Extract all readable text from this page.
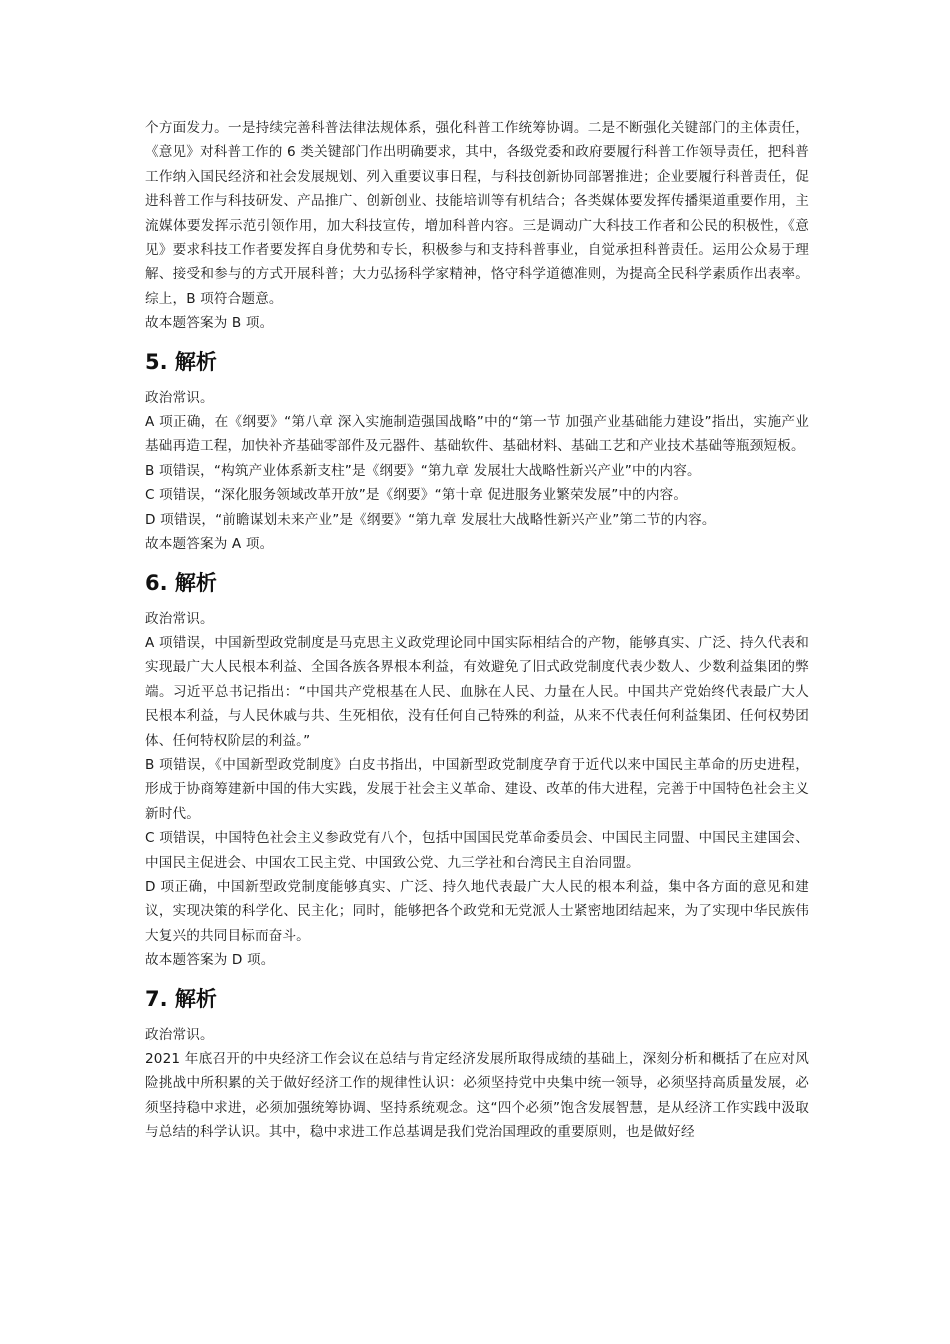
个方面发力。一是持续完善科普法律法规体系，强化科普工作统筹协调。二是不断强化关键部门的主体责任，《意见》对科普工作的 6 类关键部门作出明确要求，其中，各级党委和政府要履行科普工作领导责任，把科普工作纳入国民经济和社会发展规划、列入重要议事日程，与科技创新协同部署推进；企业要履行科普责任，促进科普工作与科技研发、产品推广、创新创业、技能培训等有机结合；各类媒体要发挥传播渠道重要作用，主流媒体要发挥示范引领作用，加大科技宣传，增加科普内容。三是调动广大科技工作者和公民的积极性，《意见》要求科技工作者要发挥自身优势和专长，积极参与和支持科普事业，自觉承担科普责任。运用公众易于理解、接受和参与的方式开展科普；大力弘扬科学家精神，恪守科学道德准则，为提高全民科学素质作出表率。综上，B 项符合题意。

故本题答案为 B 项。

5. 解析

政治常识。

A 项正确，在《纲要》“第八章 深入实施制造强国战略”中的“第一节 加强产业基础能力建设”指出，实施产业基础再造工程，加快补齐基础零部件及元器件、基础软件、基础材料、基础工艺和产业技术基础等瓶颈短板。

B 项错误，“构筑产业体系新支柱”是《纲要》“第九章 发展壮大战略性新兴产业”中的内容。

C 项错误，“深化服务领域改革开放”是《纲要》“第十章 促进服务业繁荣发展”中的内容。

D 项错误，“前瞻谋划未来产业”是《纲要》“第九章 发展壮大战略性新兴产业”第二节的内容。

故本题答案为 A 项。

6. 解析

政治常识。

A 项错误，中国新型政党制度是马克思主义政党理论同中国实际相结合的产物，能够真实、广泛、持久代表和实现最广大人民根本利益、全国各族各界根本利益，有效避免了旧式政党制度代表少数人、少数利益集团的弊端。习近平总书记指出：“中国共产党根基在人民、血脉在人民、力量在人民。中国共产党始终代表最广大人民根本利益，与人民休戚与共、生死相依，没有任何自己特殊的利益，从来不代表任何利益集团、任何权势团体、任何特权阶层的利益。”

B 项错误，《中国新型政党制度》白皮书指出，中国新型政党制度孕育于近代以来中国民主革命的历史进程，形成于协商筹建新中国的伟大实践，发展于社会主义革命、建设、改革的伟大进程，完善于中国特色社会主义新时代。

C 项错误，中国特色社会主义参政党有八个，包括中国国民党革命委员会、中国民主同盟、中国民主建国会、中国民主促进会、中国农工民主党、中国致公党、九三学社和台湾民主自治同盟。

D 项正确，中国新型政党制度能够真实、广泛、持久地代表最广大人民的根本利益，集中各方面的意见和建议，实现决策的科学化、民主化；同时，能够把各个政党和无党派人士紧密地团结起来，为了实现中华民族伟大复兴的共同目标而奋斗。

故本题答案为 D 项。

7. 解析

政治常识。

2021 年底召开的中央经济工作会议在总结与肯定经济发展所取得成绩的基础上，深刻分析和概括了在应对风险挑战中所积累的关于做好经济工作的规律性认识：必须坚持党中央集中统一领导，必须坚持高质量发展，必须坚持稳中求进，必须加强统筹协调、坚持系统观念。这“四个必须”饱含发展智慧，是从经济工作实践中汲取与总结的科学认识。其中，稳中求进工作总基调是我们党治国理政的重要原则，也是做好经
